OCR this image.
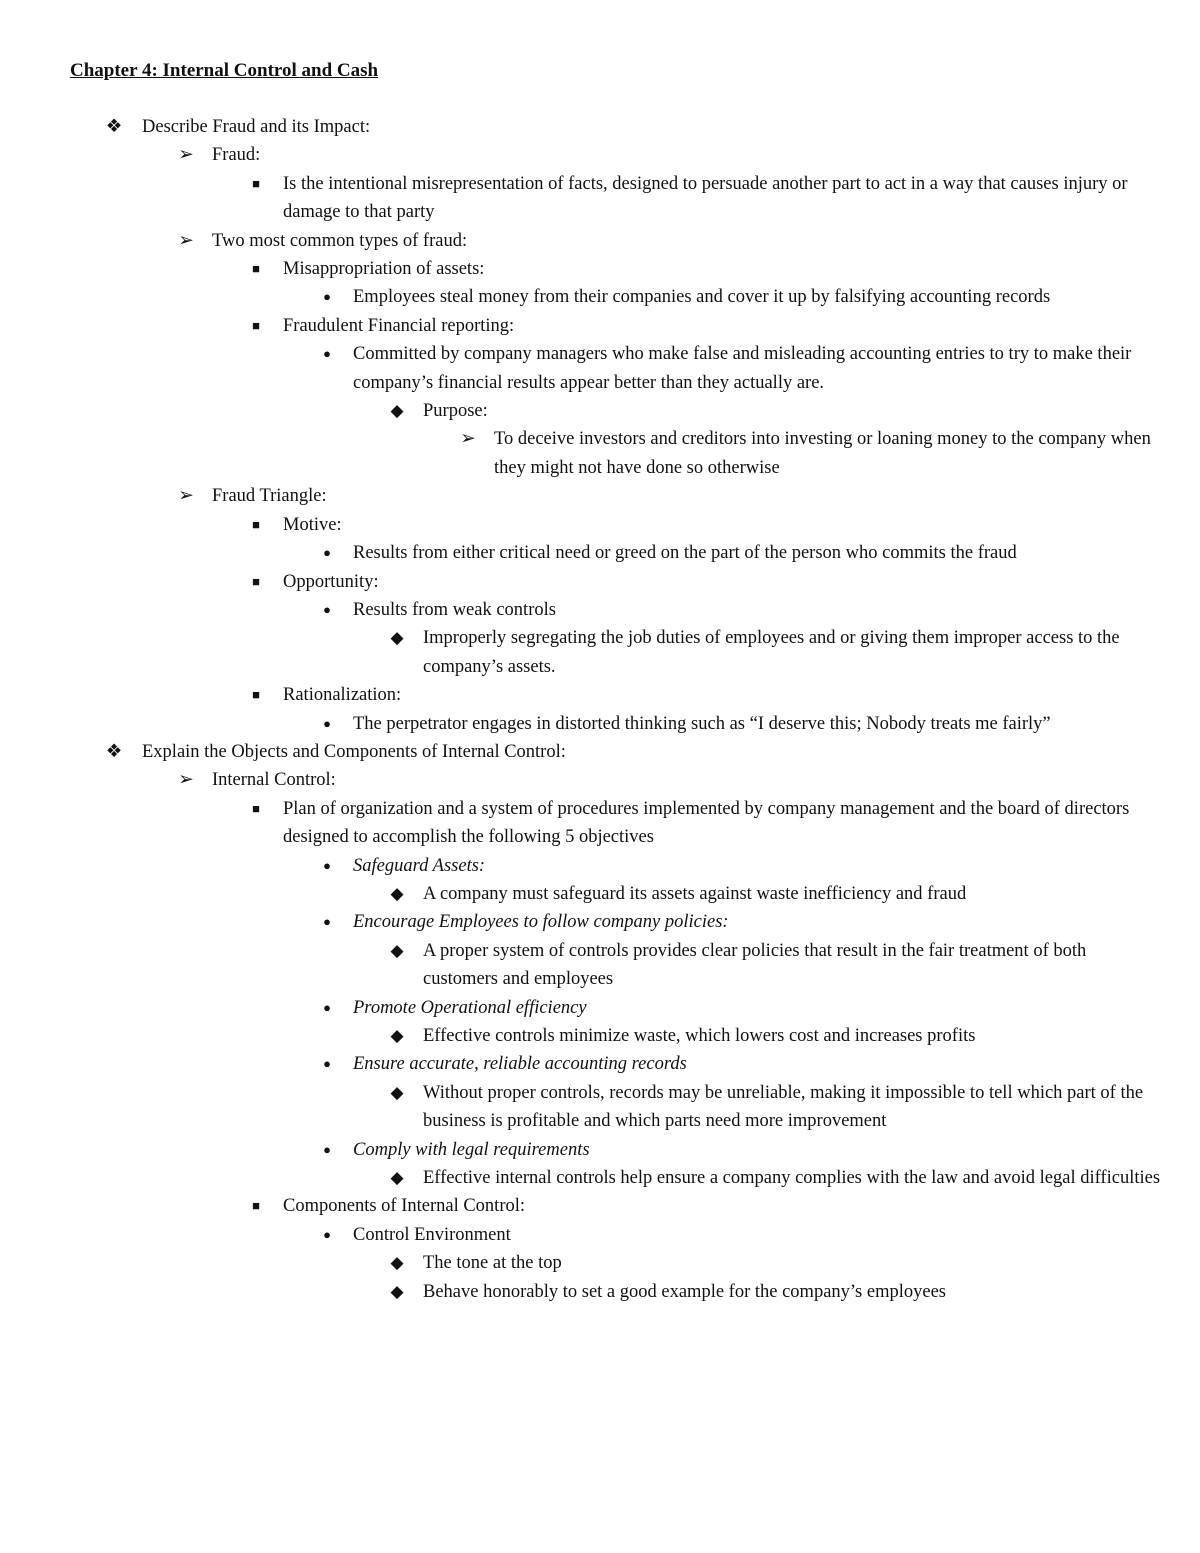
Chapter 4: Internal Control and Cash
❖ Describe Fraud and its Impact:
➢ Fraud:
■	Is the intentional misrepresentation of facts, designed to persuade another part to act in a way that causes injury or damage to that party
➢ Two most common types of fraud:
■	Misappropriation of assets:
●	Employees steal money from their companies and cover it up by falsifying accounting records
■	Fraudulent Financial reporting:
●	Committed by company managers who make false and misleading accounting entries to try to make their company’s financial results appear better than they actually are.
◆ Purpose:
➢ To deceive investors and creditors into investing or loaning money to the company when they might not have done so otherwise
➢ Fraud Triangle:
■	Motive:
●	Results from either critical need or greed on the part of the person who commits the fraud
■	Opportunity:
●	Results from weak controls
◆ Improperly segregating the job duties of employees and or giving them improper access to the company’s assets.
■	Rationalization:
●	The perpetrator engages in distorted thinking such as “I deserve this; Nobody treats me fairly”
❖ Explain the Objects and Components of Internal Control:
➢ Internal Control:
■	Plan of organization and a system of procedures implemented by company management and the board of directors designed to accomplish the following 5 objectives
●	Safeguard Assets:
◆ A company must safeguard its assets against waste inefficiency and fraud
●	Encourage Employees to follow company policies:
◆ A proper system of controls provides clear policies that result in the fair treatment of both customers and employees
●	Promote Operational efficiency
◆ Effective controls minimize waste, which lowers cost and increases profits
●	Ensure accurate, reliable accounting records
◆ Without proper controls, records may be unreliable, making it impossible to tell which part of the business is profitable and which parts need more improvement
●	Comply with legal requirements
◆ Effective internal controls help ensure a company complies with the law and avoid legal difficulties
■	Components of Internal Control:
●	Control Environment
◆ The tone at the top
◆ Behave honorably to set a good example for the company’s employees
